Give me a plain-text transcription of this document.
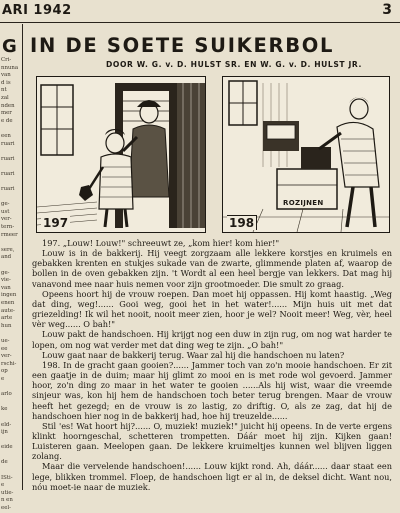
ARI 1942	3
G
Cri-
nnuna
van
d is
nt
zal
nden
mer
e de

een
ruari

ruari

ruari

ruari

ge-
ust
ver-
tern-
rmeer

sere,
and

ge-
vie-
van
ingen
enen
aute-
arte
hun

ue-
ee
ver-
rschi-
op
e

arlo

ke

eld-
ijn

eide

de

ISti-
e
utie-
n en
eel-
IN DE SOETE SUIKERBOL
DOOR W. G. v. D. HULST SR. EN W. G. v. D. HULST JR.
197
ROZIJNEN
198

197. „Louw! Louw!" schreeuwt ze, „kom hier! kom hier!"

Louw is in de bakkerij. Hij veegt zorgzaam alle lekkere korstjes en kruimels en gebakken krenten en stukjes sukade van de zwarte, glimmende platen af, waarop de bollen in de oven gebakken zijn. 't Wordt al een heel bergje van lekkers. Dat mag hij vanavond mee naar huis nemen voor zijn grootmoeder. Die smult zo graag.

Opeens hoort hij de vrouw roepen. Dan moet hij oppassen. Hij komt haastig. „Weg dat ding, weg!...... Gooi weg, gooi het in het water!...... Mijn huis uit met dat griezelding! Ik wil het nooit, nooit meer zien, hoor je wel? Nooit meer! Weg, vèr, heel vèr weg...... O bah!"

Louw pakt de handschoen. Hij krijgt nog een duw in zijn rug, om nog wat harder te lopen, om nog wat verder met dat ding weg te zijn. „O bah!"

Louw gaat naar de bakkerij terug. Waar zal hij die handschoen nu laten?

198. In de gracht gaan gooien?...... Jammer toch van zo'n mooie handschoen. Er zit een gaatje in de duim; maar hij glimt zo mooi en is met rode wol gevoerd. Jammer hoor, zo'n ding zo maar in het water te gooien ......Als hij wist, waar die vreemde sinjeur was, kon hij hem de handschoen toch beter terug brengen. Maar de vrouw heeft het gezegd; en de vrouw is zo lastig, zo driftig. O, als ze zag, dat hij de handschoen hier nog in de bakkerij had, hoe hij treuzelde......

Stil 'es! Wat hoort hij?...... O, muziek! muziek!" juicht hij opeens. In de verte ergens klinkt hoorngeschal, schetteren trompetten. Dáár moet hij zijn. Kijken gaan! Luisteren gaan. Meelopen gaan. De lekkere kruimeltjes kunnen wel blijven liggen zolang.

Maar die vervelende handschoen!...... Louw kijkt rond. Ah, dáár...... daar staat een lege, blikken trommel. Floep, de handschoen ligt er al in, de deksel dicht. Want nou, nóu moet-ie naar de muziek.
